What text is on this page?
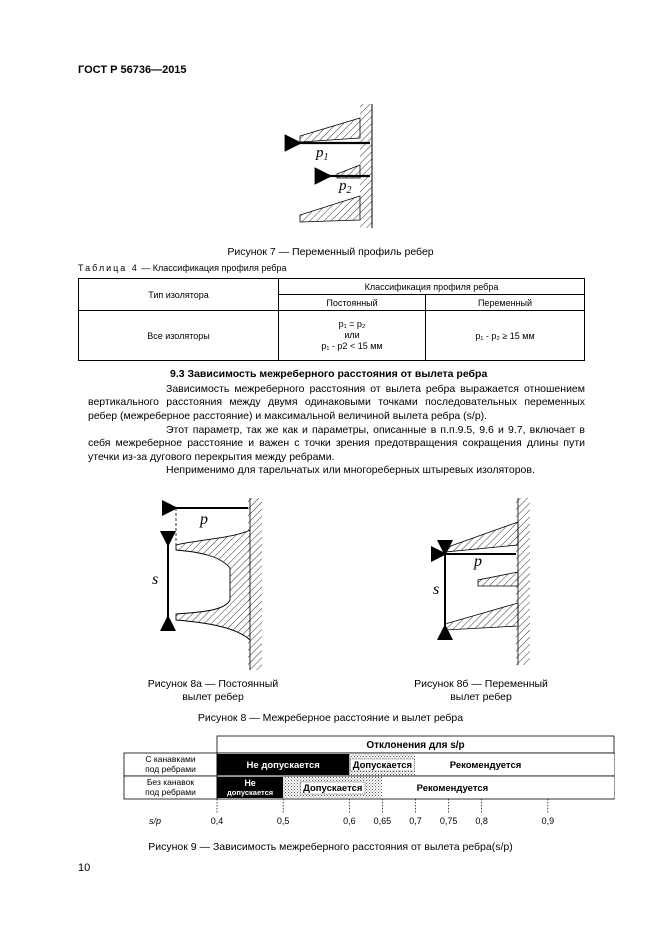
ГОСТ Р 56736—2015
$p_1$
$p_2$
p
s
p
s
Рисунок 7 — Переменный профиль ребер
Таблица 4 — Классификация профиля ребра
Тип изолятора	Классификация профиля ребра	
	Постоянный	Переменный
Все изоляторы	p₁ = p₂
или
p₁ - p2 < 15 мм	p₁ - p₂ ≥ 15 мм
9.3 Зависимость межреберного расстояния от вылета ребра
Зависимость межреберного расстояния от вылета ребра выражается отношением вертикального расстояния между двумя одинаковыми точками последовательных переменных ребер (межреберное расстояние) и максимальной величиной вылета ребра (s/p).
Этот параметр, так же как и параметры, описанные в п.п.9.5, 9.6 и 9.7, включает в себя межреберное расстояние и важен с точки зрения предотвращения сокращения длины пути утечки из-за дугового перекрытия между ребрами.
Неприменимо для тарельчатых или многореберных штыревых изоляторов.
Рисунок 8а — Постоянный
вылет ребер
Рисунок 8б — Переменный
вылет ребер
Рисунок 8 — Межреберное расстояние и вылет ребра
Отклонения для s/p
С канавками
под ребрами	Не допускается	Допускается	Рекомендуется
Без канавок
под ребрами
Не
допускается	Допускается	Рекомендуется
0,4	0,5	0,6 0,65 0,7 0,75 0,8	0,9
s/p
Рисунок 9 — Зависимость межреберного расстояния от вылета ребра(s/p)
10
